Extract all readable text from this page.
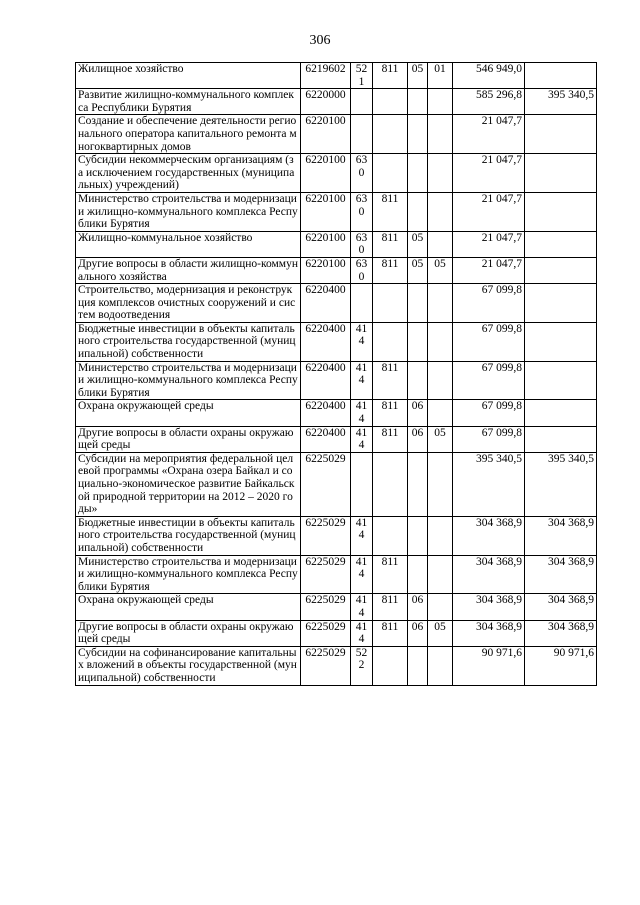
306
Жилищное хозяйство	6219602	521	811	05	01	546 949,0	
Развитие жилищно-коммунального комплекса Республики Бурятия	6220000					585 296,8	395 340,5
Создание и обеспечение деятельности регионального оператора капитального ремонта многоквартирных домов	6220100					21 047,7	
Субсидии некоммерческим организациям (за исключением государственных (муниципальных) учреждений)	6220100	630				21 047,7	
Министерство строительства и модернизации жилищно-коммунального комплекса Республики Бурятия	6220100	630	811			21 047,7	
Жилищно-коммунальное хозяйство	6220100	630	811	05		21 047,7	
Другие вопросы в области жилищно-коммунального хозяйства	6220100	630	811	05	05	21 047,7	
Строительство, модернизация и реконструкция комплексов очистных сооружений и систем водоотведения	6220400					67 099,8	
Бюджетные инвестиции в объекты капитального строительства государственной (муниципальной) собственности	6220400	414				67 099,8	
Министерство строительства и модернизации жилищно-коммунального комплекса Республики Бурятия	6220400	414	811			67 099,8	
Охрана окружающей среды	6220400	414	811	06		67 099,8	
Другие вопросы в области охраны окружающей среды	6220400	414	811	06	05	67 099,8	
Субсидии на мероприятия федеральной целевой программы «Охрана озера Байкал и социально-экономическое развитие Байкальской природной территории на 2012 – 2020 годы»	6225029					395 340,5	395 340,5
Бюджетные инвестиции в объекты капитального строительства государственной (муниципальной) собственности	6225029	414				304 368,9	304 368,9
Министерство строительства и модернизации жилищно-коммунального комплекса Республики Бурятия	6225029	414	811			304 368,9	304 368,9
Охрана окружающей среды	6225029	414	811	06		304 368,9	304 368,9
Другие вопросы в области охраны окружающей среды	6225029	414	811	06	05	304 368,9	304 368,9
Субсидии на софинансирование капитальных вложений в объекты государственной (муниципальной) собственности	6225029	522				90 971,6	90 971,6
